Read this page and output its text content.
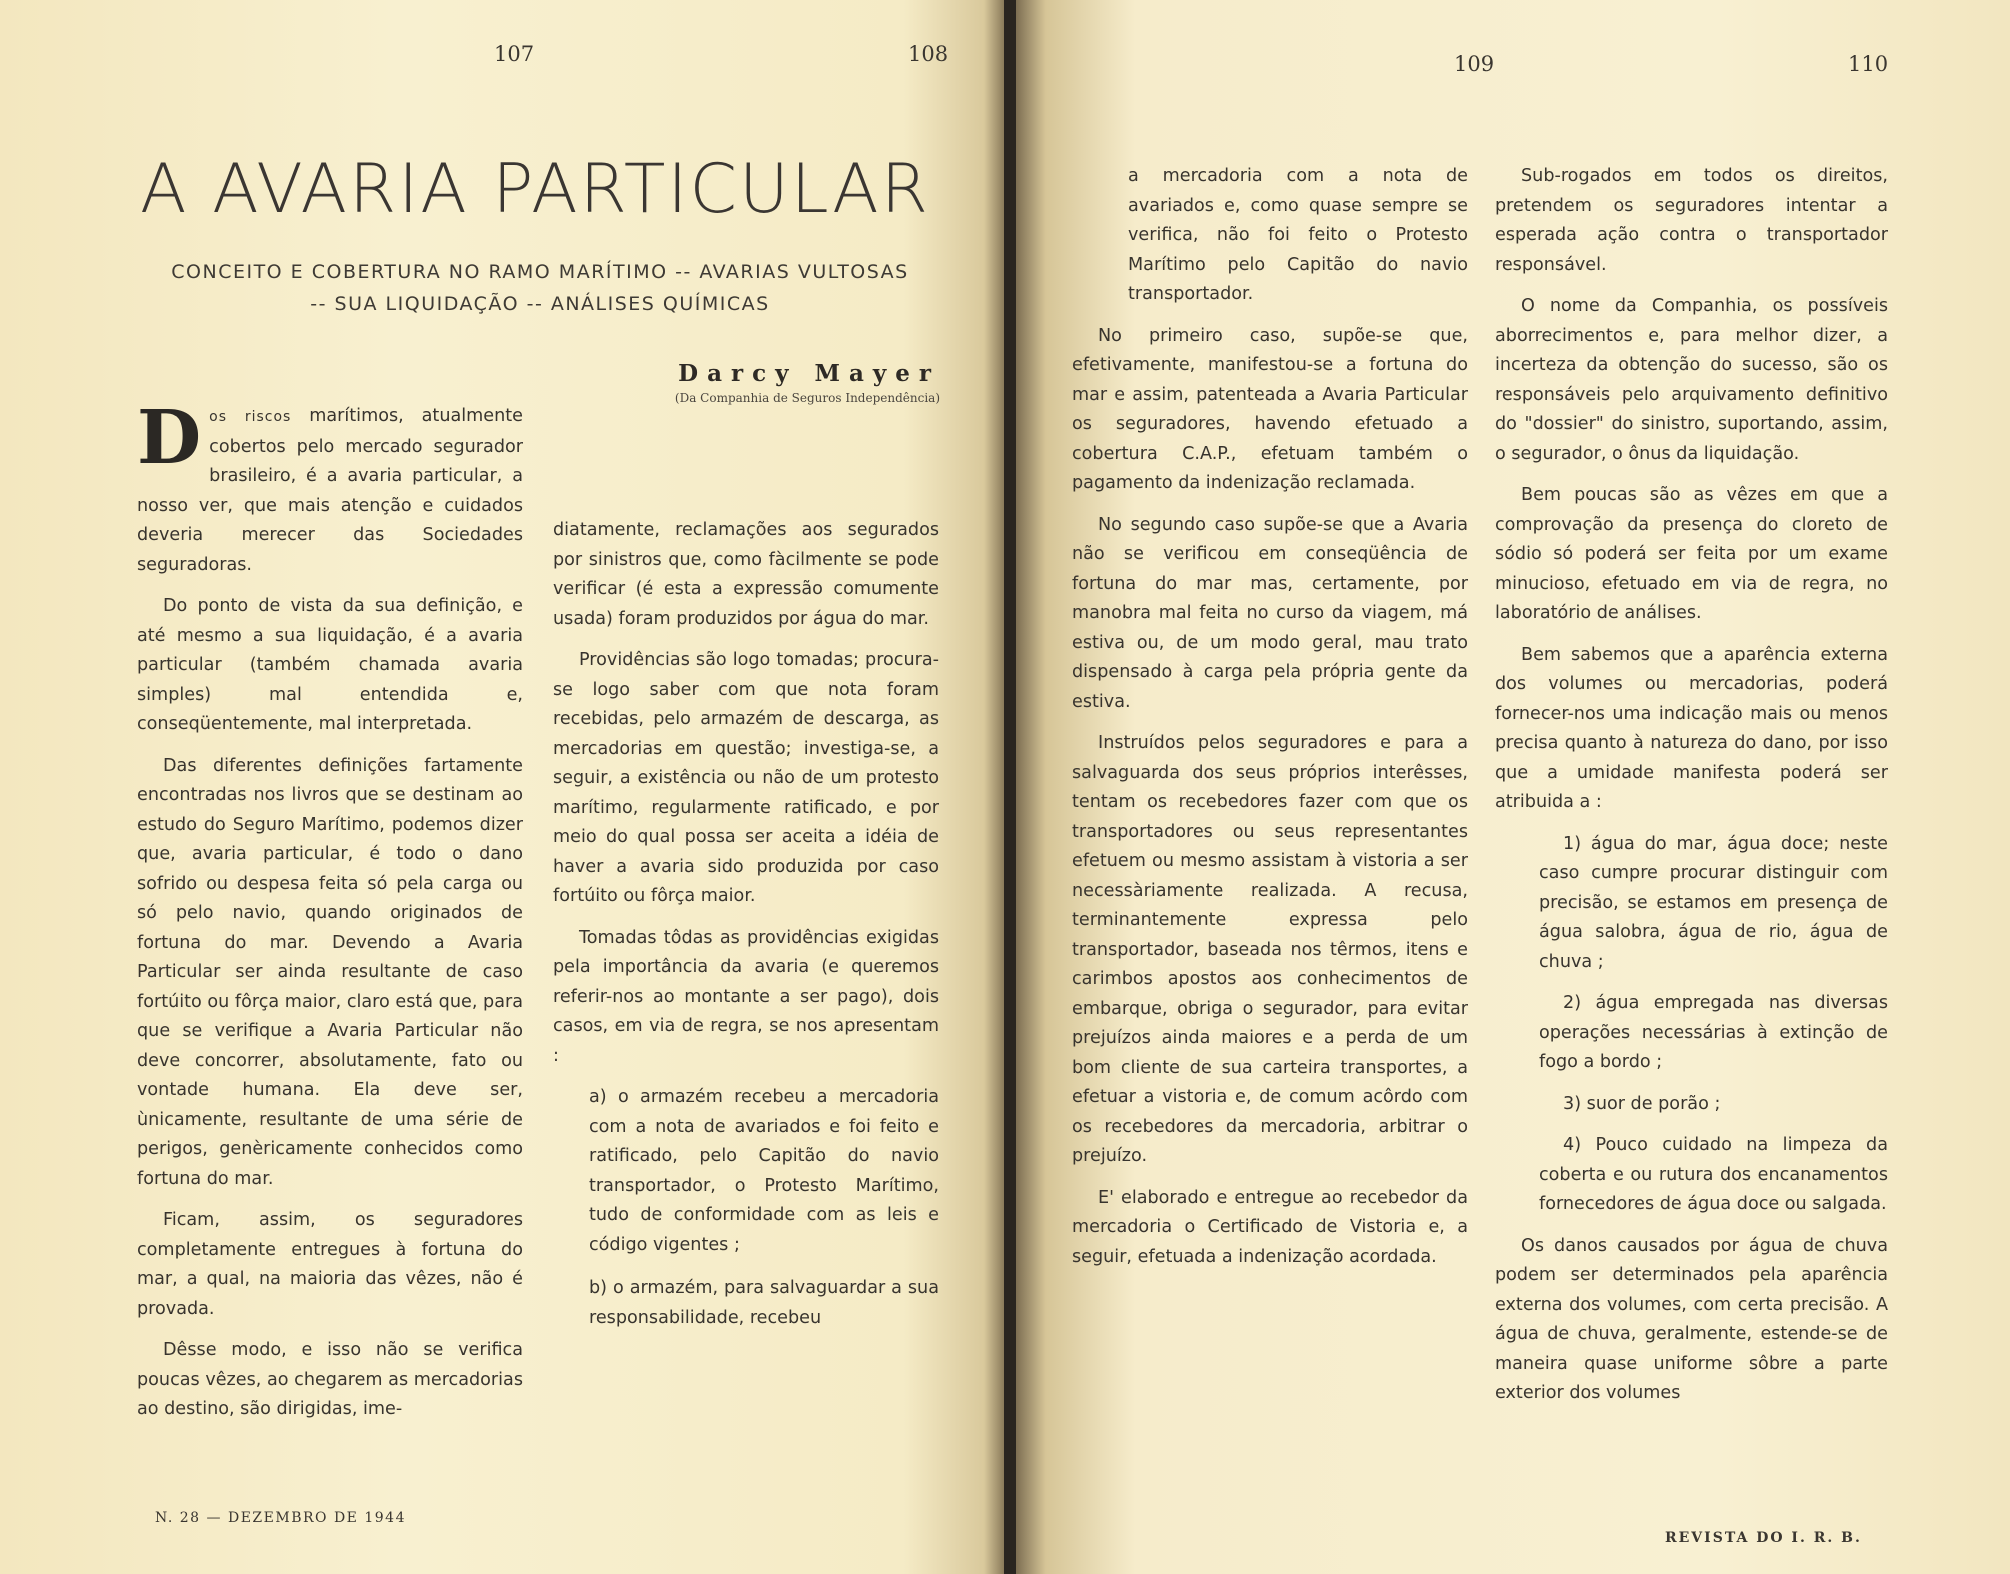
107	108
A AVARIA PARTICULAR
CONCEITO E COBERTURA NO RAMO MARÍTIMO -- AVARIAS VULTOSAS
-- SUA LIQUIDAÇÃO -- ANÁLISES QUÍMICAS
Darcy Mayer
(Da Companhia de Seguros Independência)

Dos riscos marítimos, atualmente cobertos pelo mercado segurador brasileiro, é a avaria particular, a nosso ver, que mais atenção e cuidados deveria merecer das Sociedades seguradoras.

Do ponto de vista da sua definição, e até mesmo a sua liquidação, é a avaria particular (também chamada avaria simples) mal entendida e, conseqüentemente, mal interpretada.

Das diferentes definições fartamente encontradas nos livros que se destinam ao estudo do Seguro Marítimo, podemos dizer que, avaria particular, é todo o dano sofrido ou despesa feita só pela carga ou só pelo navio, quando originados de fortuna do mar. Devendo a Avaria Particular ser ainda resultante de caso fortúito ou fôrça maior, claro está que, para que se verifique a Avaria Particular não deve concorrer, absolutamente, fato ou vontade humana. Ela deve ser, ùnicamente, resultante de uma série de perigos, genèricamente conhecidos como fortuna do mar.

Ficam, assim, os seguradores completamente entregues à fortuna do mar, a qual, na maioria das vêzes, não é provada.

Dêsse modo, e isso não se verifica poucas vêzes, ao chegarem as mercadorias ao destino, são dirigidas, ime-

diatamente, reclamações aos segurados por sinistros que, como fàcilmente se pode verificar (é esta a expressão comumente usada) foram produzidos por água do mar.

Providências são logo tomadas; procura-se logo saber com que nota foram recebidas, pelo armazém de descarga, as mercadorias em questão; investiga-se, a seguir, a existência ou não de um protesto marítimo, regularmente ratificado, e por meio do qual possa ser aceita a idéia de haver a avaria sido produzida por caso fortúito ou fôrça maior.

Tomadas tôdas as providências exigidas pela importância da avaria (e queremos referir-nos ao montante a ser pago), dois casos, em via de regra, se nos apresentam :

a) o armazém recebeu a mercadoria com a nota de avariados e foi feito e ratificado, pelo Capitão do navio transportador, o Protesto Marítimo, tudo de conformidade com as leis e código vigentes ;

b) o armazém, para salvaguardar a sua responsabilidade, recebeu

N. 28 — DEZEMBRO DE 1944
109	110

a mercadoria com a nota de avariados e, como quase sempre se verifica, não foi feito o Protesto Marítimo pelo Capitão do navio transportador.

No primeiro caso, supõe-se que, efetivamente, manifestou-se a fortuna do mar e assim, patenteada a Avaria Particular os seguradores, havendo efetuado a cobertura C.A.P., efetuam também o pagamento da indenização reclamada.

No segundo caso supõe-se que a Avaria não se verificou em conseqüência de fortuna do mar mas, certamente, por manobra mal feita no curso da viagem, má estiva ou, de um modo geral, mau trato dispensado à carga pela própria gente da estiva.

Instruídos pelos seguradores e para a salvaguarda dos seus próprios interêsses, tentam os recebedores fazer com que os transportadores ou seus representantes efetuem ou mesmo assistam à vistoria a ser necessàriamente realizada. A recusa, terminantemente expressa pelo transportador, baseada nos têrmos, itens e carimbos apostos aos conhecimentos de embarque, obriga o segurador, para evitar prejuízos ainda maiores e a perda de um bom cliente de sua carteira transportes, a efetuar a vistoria e, de comum acôrdo com os recebedores da mercadoria, arbitrar o prejuízo.

E' elaborado e entregue ao recebedor da mercadoria o Certificado de Vistoria e, a seguir, efetuada a indenização acordada.

Sub-rogados em todos os direitos, pretendem os seguradores intentar a esperada ação contra o transportador responsável.

O nome da Companhia, os possíveis aborrecimentos e, para melhor dizer, a incerteza da obtenção do sucesso, são os responsáveis pelo arquivamento definitivo do "dossier" do sinistro, suportando, assim, o segurador, o ônus da liquidação.

Bem poucas são as vêzes em que a comprovação da presença do cloreto de sódio só poderá ser feita por um exame minucioso, efetuado em via de regra, no laboratório de análises.

Bem sabemos que a aparência externa dos volumes ou mercadorias, poderá fornecer-nos uma indicação mais ou menos precisa quanto à natureza do dano, por isso que a umidade manifesta poderá ser atribuida a :

1) água do mar, água doce; neste caso cumpre procurar distinguir com precisão, se estamos em presença de água salobra, água de rio, água de chuva ;

2) água empregada nas diversas operações necessárias à extinção de fogo a bordo ;

3) suor de porão ;

4) Pouco cuidado na limpeza da coberta e ou rutura dos encanamentos fornecedores de água doce ou salgada.

Os danos causados por água de chuva podem ser determinados pela aparência externa dos volumes, com certa precisão. A água de chuva, geralmente, estende-se de maneira quase uniforme sôbre a parte exterior dos volumes

REVISTA DO I. R. B.
